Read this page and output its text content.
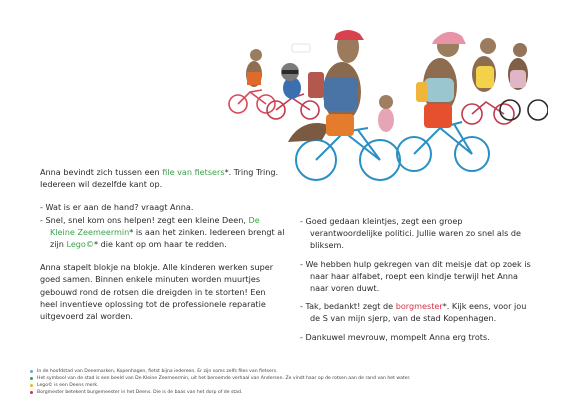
Anna bevindt zich tussen een file van fietsers*. Tring Tring. Iedereen wil dezelfde kant op.

- Wat is er aan de hand? vraagt Anna.

- Snel, snel kom ons helpen! zegt een kleine Deen, De Kleine Zeemeermin* is aan het zinken. Iedereen brengt al zijn Lego©* die kant op om haar te redden.

Anna stapelt blokje na blokje. Alle kinderen werken super goed samen. Binnen enkele minuten worden muurtjes gebouwd rond de rotsen die dreigden in te storten! Een heel inventieve oplossing tot de professionele reparatie uitgevoerd zal worden.

- Goed gedaan kleintjes, zegt een groep verantwoordelijke politici. Jullie waren zo snel als de bliksem.

- We hebben hulp gekregen van dit meisje dat op zoek is naar haar alfabet, roept een kindje terwijl het Anna naar voren duwt.

- Tak, bedankt! zegt de borgmester*. Kijk eens, voor jou de S van mijn sjerp, van de stad Kopenhagen.

- Dankuwel mevrouw, mompelt Anna erg trots.

In de hoofdstad van Denemarken, Kopenhagen, fietst bijna iedereen. Er zijn soms zelfs files van fietsers.
Het symbool van de stad is een beeld van De Kleine Zeemeermin, uit het beroemde verhaal van Andersen. Ze vindt haar op de rotsen aan de rand van het water.
Lego© is een Deens merk.
Borgmester betekent burgemeester in het Deens. Die is de baas van het dorp of de stad.
